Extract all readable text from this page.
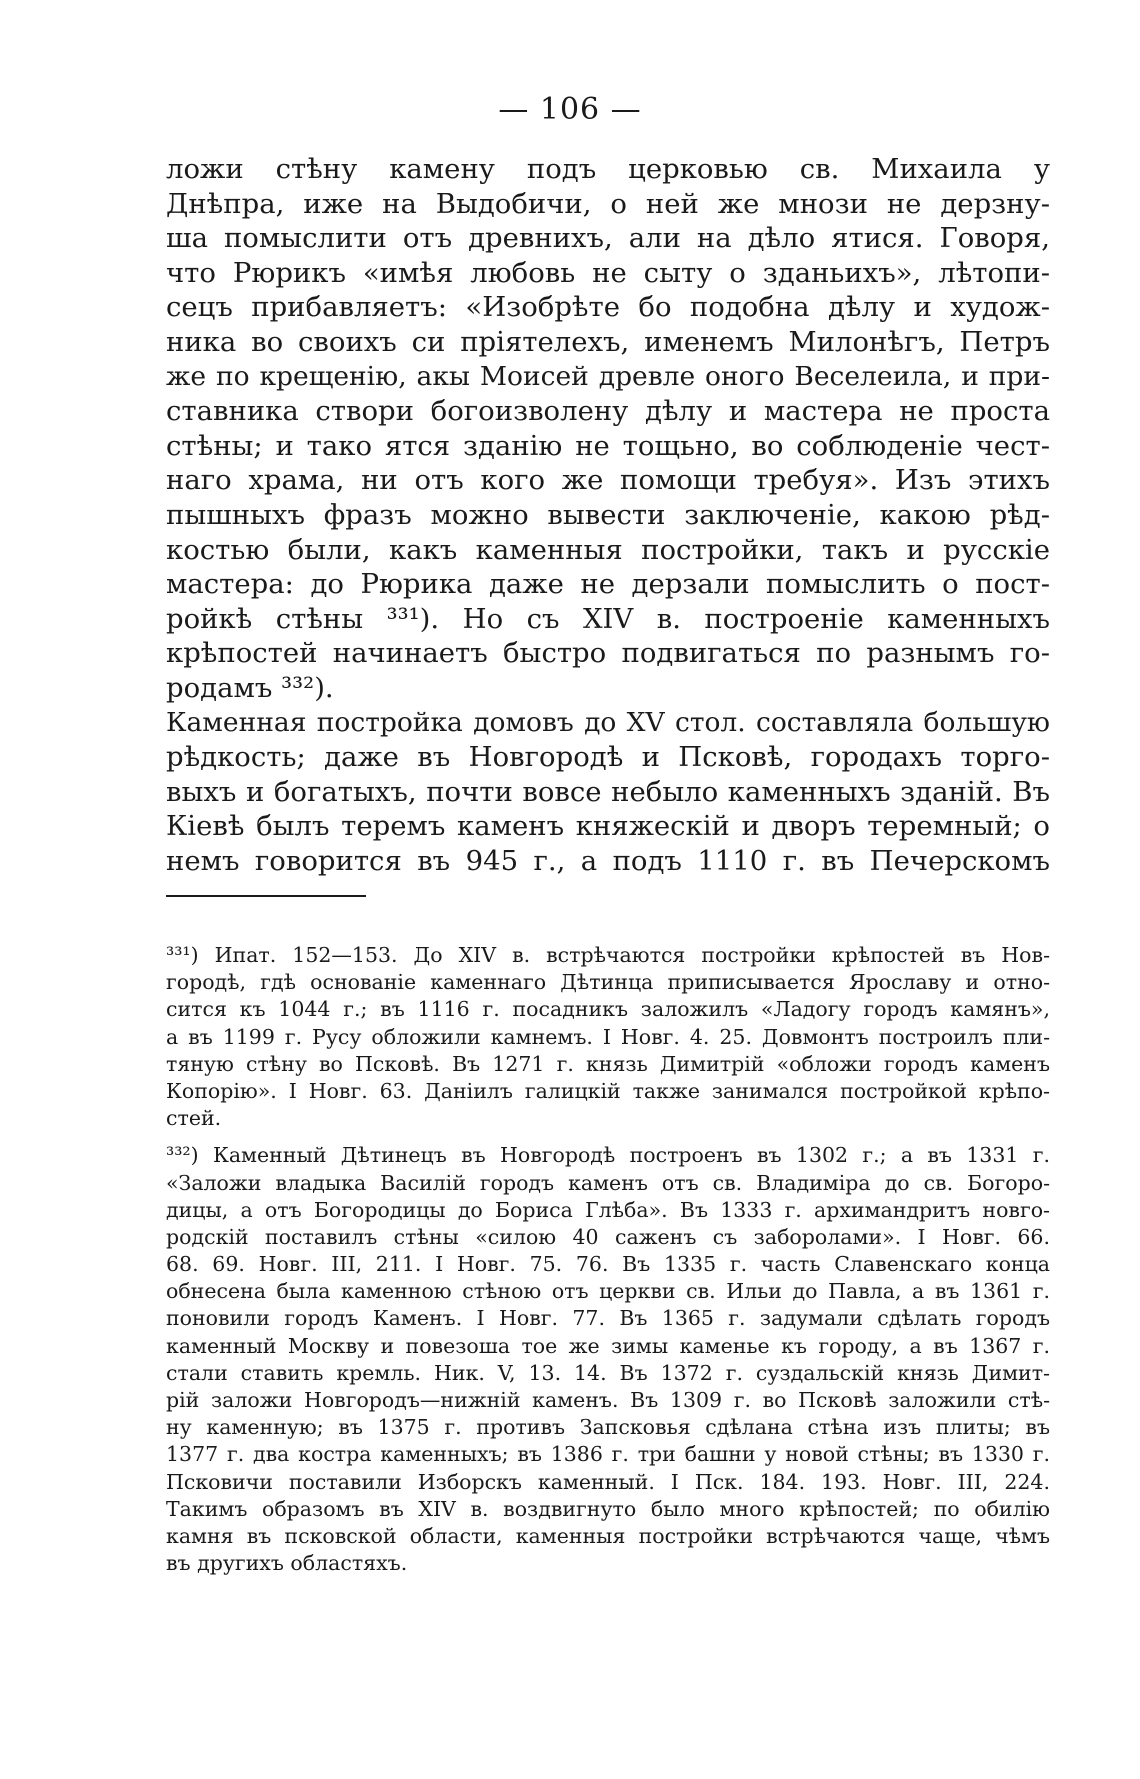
— 106 —
ложи стѣну камену подъ церковью св. Михаила у
Днѣпра, иже на Выдобичи, о ней же мнози не дерзну-
ша помыслити отъ древнихъ, али на дѣло ятися. Говоря,
что Рюрикъ «имѣя любовь не сыту о зданьихъ», лѣтопи-
сецъ прибавляетъ: «Изобрѣте бо подобна дѣлу и худож-
ника во своихъ си пріятелехъ, именемъ Милонѣгъ, Петръ
же по крещенію, акы Моисей древле оного Веселеила, и при-
ставника створи богоизволену дѣлу и мастера не проста
стѣны; и тако ятся зданію не тощьно, во соблюденіе чест-
наго храма, ни отъ кого же помощи требуя». Изъ этихъ
пышныхъ фразъ можно вывести заключеніе, какою рѣд-
костью были, какъ каменныя постройки, такъ и русскіе
мастера: до Рюрика даже не дерзали помыслить о пост-
ройкѣ стѣны ³³¹). Но съ XIV в. построеніе каменныхъ
крѣпостей начинаетъ быстро подвигаться по разнымъ го-
родамъ ³³²).
Каменная постройка домовъ до XV стол. составляла большую
рѣдкость; даже въ Новгородѣ и Псковѣ, городахъ торго-
выхъ и богатыхъ, почти вовсе небыло каменныхъ зданій. Въ
Кіевѣ былъ теремъ каменъ княжескій и дворъ теремный; о
немъ говорится въ 945 г., а подъ 1110 г. въ Печерскомъ
³³¹) Ипат. 152—153. До XIV в. встрѣчаются постройки крѣпостей въ Нов-
городѣ, гдѣ основаніе каменнаго Дѣтинца приписывается Ярославу и отно-
сится къ 1044 г.; въ 1116 г. посадникъ заложилъ «Ладогу городъ камянъ»,
а въ 1199 г. Русу обложили камнемъ. I Новг. 4. 25. Довмонтъ построилъ пли-
тяную стѣну во Псковѣ. Въ 1271 г. князь Димитрій «обложи городъ каменъ
Копорію». I Новг. 63. Даніилъ галицкій также занимался постройкой крѣпо-
стей.
³³²) Каменный Дѣтинецъ въ Новгородѣ построенъ въ 1302 г.; а въ 1331 г.
«Заложи владыка Василій городъ каменъ отъ св. Владиміра до св. Богоро-
дицы, а отъ Богородицы до Бориса Глѣба». Въ 1333 г. архимандритъ новго-
родскій поставилъ стѣны «силою 40 саженъ съ заборолами». I Новг. 66.
68. 69. Новг. III, 211. I Новг. 75. 76. Въ 1335 г. часть Славенскаго конца
обнесена была каменною стѣною отъ церкви св. Ильи до Павла, а въ 1361 г.
поновили городъ Каменъ. I Новг. 77. Въ 1365 г. задумали сдѣлать городъ
каменный Москву и повезоша тое же зимы каменье къ городу, а въ 1367 г.
стали ставить кремль. Ник. V, 13. 14. Въ 1372 г. суздальскій князь Димит-
рій заложи Новгородъ—нижній каменъ. Въ 1309 г. во Псковѣ заложили стѣ-
ну каменную; въ 1375 г. противъ Запсковья сдѣлана стѣна изъ плиты; въ
1377 г. два костра каменныхъ; въ 1386 г. три башни у новой стѣны; въ 1330 г.
Псковичи поставили Изборскъ каменный. I Пск. 184. 193. Новг. III, 224.
Такимъ образомъ въ XIV в. воздвигнуто было много крѣпостей; по обилію
камня въ псковской области, каменныя постройки встрѣчаются чаще, чѣмъ
въ другихъ областяхъ.
